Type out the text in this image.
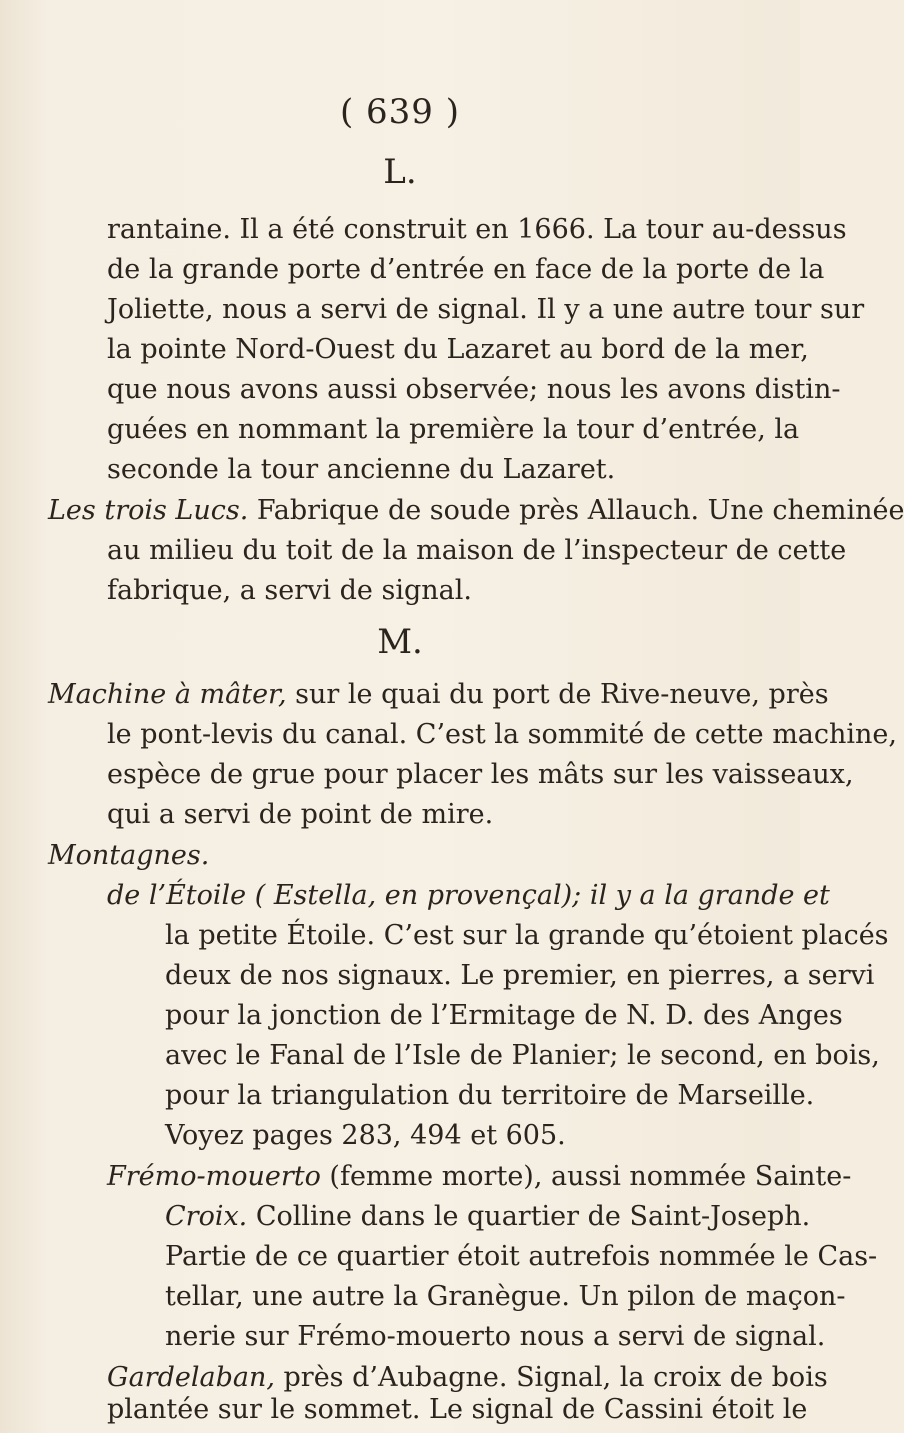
( 639 )
L.
rantaine. Il a été construit en 1666. La tour au-dessus
de la grande porte d’entrée en face de la porte de la
Joliette, nous a servi de signal. Il y a une autre tour sur
la pointe Nord-Ouest du Lazaret au bord de la mer,
que nous avons aussi observée; nous les avons distin-
guées en nommant la première la tour d’entrée, la
seconde la tour ancienne du Lazaret.
Les trois Lucs. Fabrique de soude près Allauch. Une cheminée
au milieu du toit de la maison de l’inspecteur de cette
fabrique, a servi de signal.
M.
Machine à mâter, sur le quai du port de Rive-neuve, près
le pont-levis du canal. C’est la sommité de cette machine,
espèce de grue pour placer les mâts sur les vaisseaux,
qui a servi de point de mire.
Montagnes.
de l’Étoile ( Estella, en provençal); il y a la grande et
la petite Étoile. C’est sur la grande qu’étoient placés
deux de nos signaux. Le premier, en pierres, a servi
pour la jonction de l’Ermitage de N. D. des Anges
avec le Fanal de l’Isle de Planier; le second, en bois,
pour la triangulation du territoire de Marseille.
Voyez pages 283, 494 et 605.
Frémo-mouerto (femme morte), aussi nommée Sainte-
Croix. Colline dans le quartier de Saint-Joseph.
Partie de ce quartier étoit autrefois nommée le Cas-
tellar, une autre la Granègue. Un pilon de maçon-
nerie sur Frémo-mouerto nous a servi de signal.
Gardelaban, près d’Aubagne. Signal, la croix de bois
plantée sur le sommet. Le signal de Cassini étoit le
